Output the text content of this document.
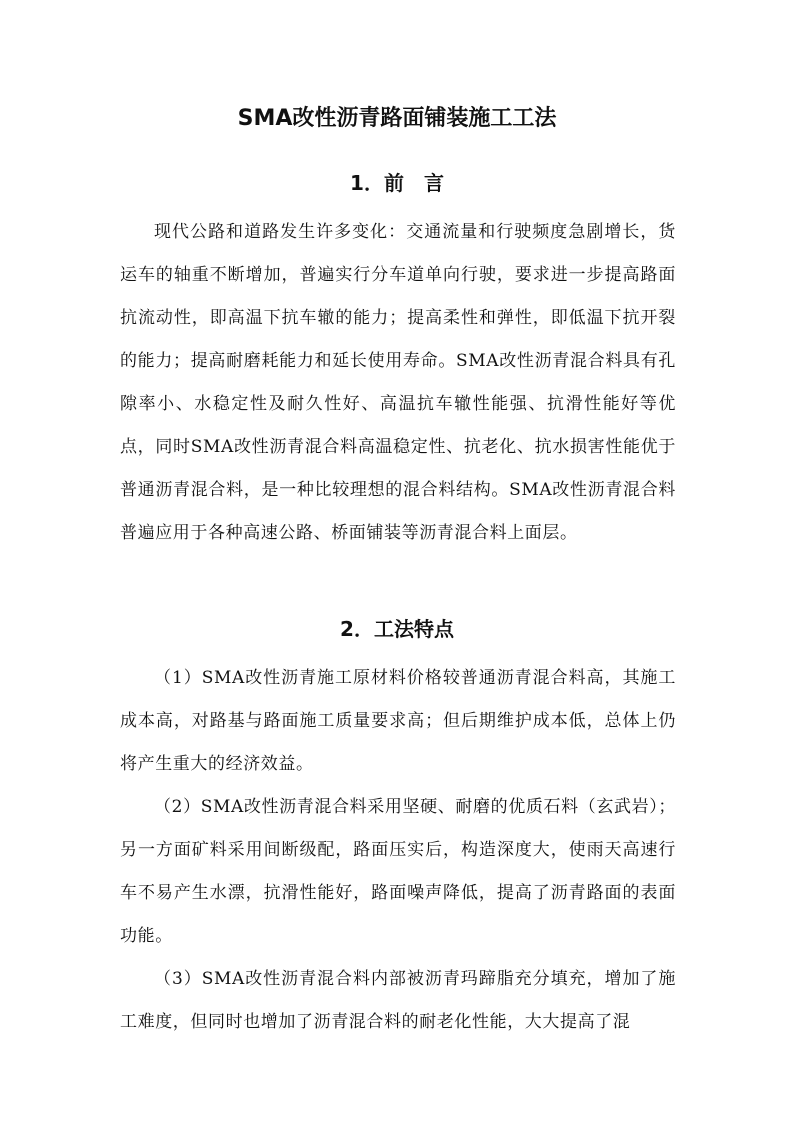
SMA改性沥青路面铺装施工工法
1．前　言
现代公路和道路发生许多变化：交通流量和行驶频度急剧增长，货运车的轴重不断增加，普遍实行分车道单向行驶，要求进一步提高路面抗流动性，即高温下抗车辙的能力；提高柔性和弹性，即低温下抗开裂的能力；提高耐磨耗能力和延长使用寿命。SMA改性沥青混合料具有孔隙率小、水稳定性及耐久性好、高温抗车辙性能强、抗滑性能好等优点，同时SMA改性沥青混合料高温稳定性、抗老化、抗水损害性能优于普通沥青混合料，是一种比较理想的混合料结构。SMA改性沥青混合料普遍应用于各种高速公路、桥面铺装等沥青混合料上面层。
2．工法特点
（1）SMA改性沥青施工原材料价格较普通沥青混合料高，其施工成本高，对路基与路面施工质量要求高；但后期维护成本低，总体上仍将产生重大的经济效益。
（2）SMA改性沥青混合料采用坚硬、耐磨的优质石料（玄武岩）；另一方面矿料采用间断级配，路面压实后，构造深度大，使雨天高速行车不易产生水漂，抗滑性能好，路面噪声降低，提高了沥青路面的表面功能。
（3）SMA改性沥青混合料内部被沥青玛蹄脂充分填充，增加了施工难度，但同时也增加了沥青混合料的耐老化性能，大大提高了混
